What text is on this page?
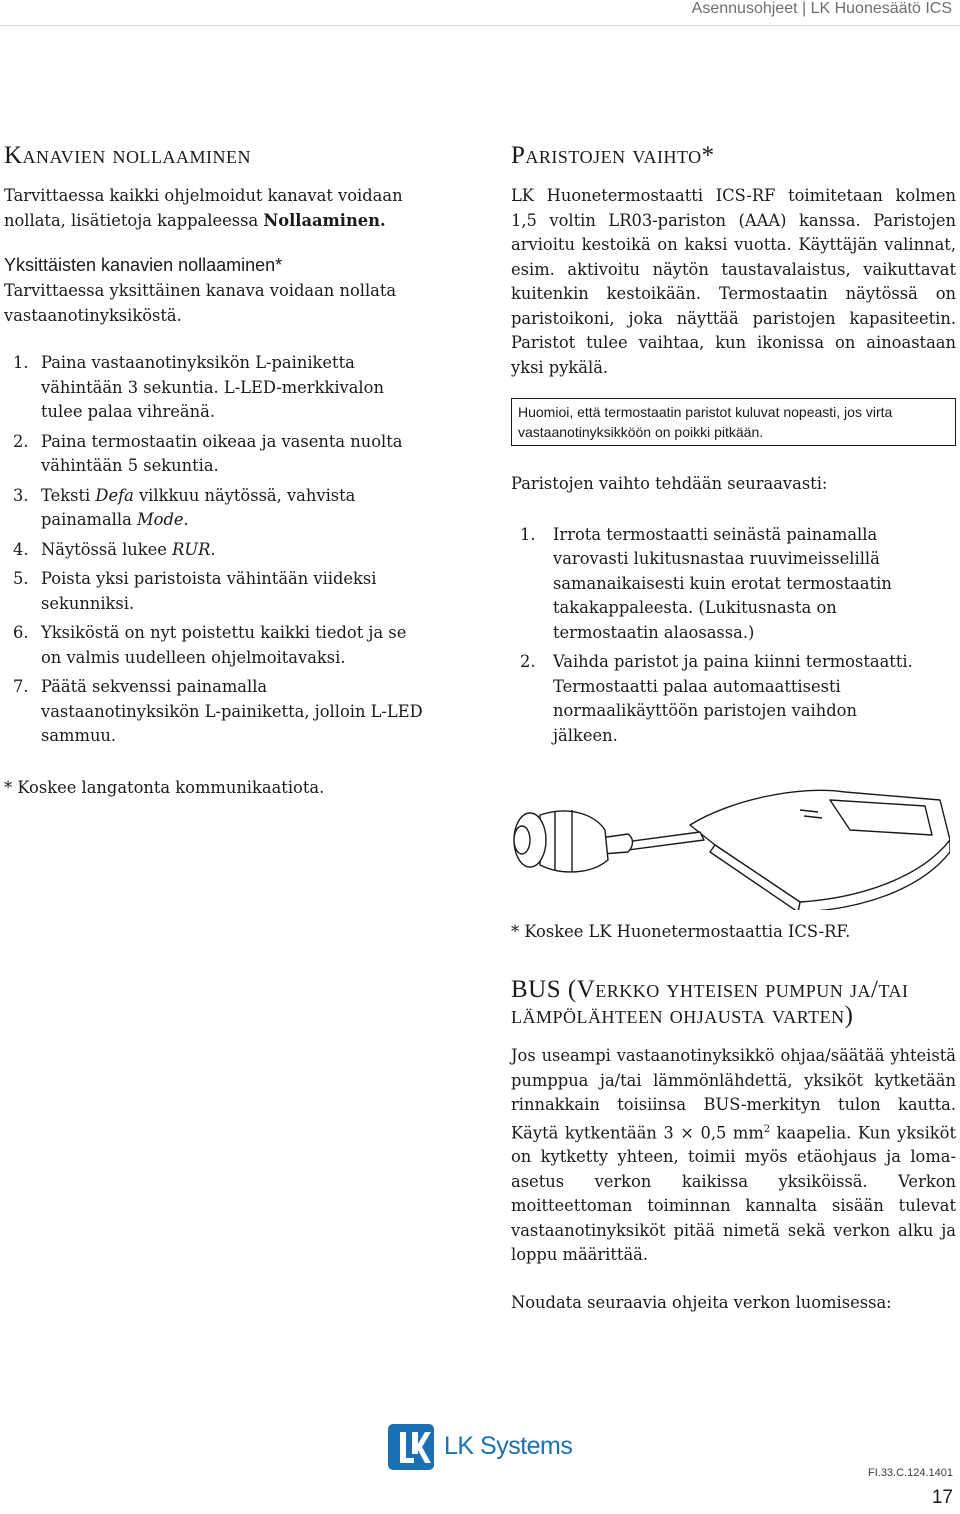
Asennusohjeet | LK Huonesäätö ICS
Kanavien nollaaminen

Tarvittaessa kaikki ohjelmoidut kanavat voidaan nollata, lisätietoja kappaleessa Nollaaminen.

Yksittäisten kanavien nollaaminen*

Tarvittaessa yksittäinen kanava voidaan nollata vastaanotinyksiköstä.

1. Paina vastaanotinyksikön L-painiketta vähintään 3 sekuntia. L-LED-merkkivalon tulee palaa vihreänä.
2. Paina termostaatin oikeaa ja vasenta nuolta vähintään 5 sekuntia.
3. Teksti Defa vilkkuu näytössä, vahvista painamalla Mode.
4. Näytössä lukee RUR.
5. Poista yksi paristoista vähintään viideksi sekunniksi.
6. Yksiköstä on nyt poistettu kaikki tiedot ja se on valmis uudelleen ohjelmoitavaksi.
7. Päätä sekvenssi painamalla vastaanotinyksikön L-painiketta, jolloin L-LED sammuu.

* Koskee langatonta kommunikaatiota.

Paristojen vaihto*

LK Huonetermostaatti ICS-RF toimitetaan kolmen 1,5 voltin LR03-pariston (AAA) kanssa. Paristojen arvioitu kestoikä on kaksi vuotta. Käyttäjän valinnat, esim. aktivoitu näytön taustavalaistus, vaikuttavat kuitenkin kestoikään. Termostaatin näytössä on paristoikoni, joka näyttää paristojen kapasiteetin. Paristot tulee vaihtaa, kun ikonissa on ainoastaan yksi pykälä.

Huomioi, että termostaatin paristot kuluvat nopeasti, jos virta vastaanotinyksikköön on poikki pitkään.

Paristojen vaihto tehdään seuraavasti:

1. Irrota termostaatti seinästä painamalla varovasti lukitusnastaa ruuvimeisselillä samanaikaisesti kuin erotat termostaatin takakappaleesta. (Lukitusnasta on termostaatin alaosassa.)
2. Vaihda paristot ja paina kiinni termostaatti. Termostaatti palaa automaattisesti normaalikäyttöön paristojen vaihdon jälkeen.

* Koskee LK Huonetermostaattia ICS-RF.

BUS (Verkko yhteisen pumpun ja/tai lämpölähteen ohjausta varten)

Jos useampi vastaanotinyksikkö ohjaa/säätää yhteistä pumppua ja/tai lämmönlähdettä, yksiköt kytketään rinnakkain toisiinsa BUS-merkityn tulon kautta. Käytä kytkentään 3 × 0,5 $mm^2$ kaapelia. Kun yksiköt on kytketty yhteen, toimii myös etäohjaus ja loma-asetus verkon kaikissa yksiköissä. Verkon moitteettoman toiminnan kannalta sisään tulevat vastaanotinyksiköt pitää nimetä sekä verkon alku ja loppu määrittää.

Noudata seuraavia ohjeita verkon luomisessa:

LK Systems
FI.33.C.124.1401
17
